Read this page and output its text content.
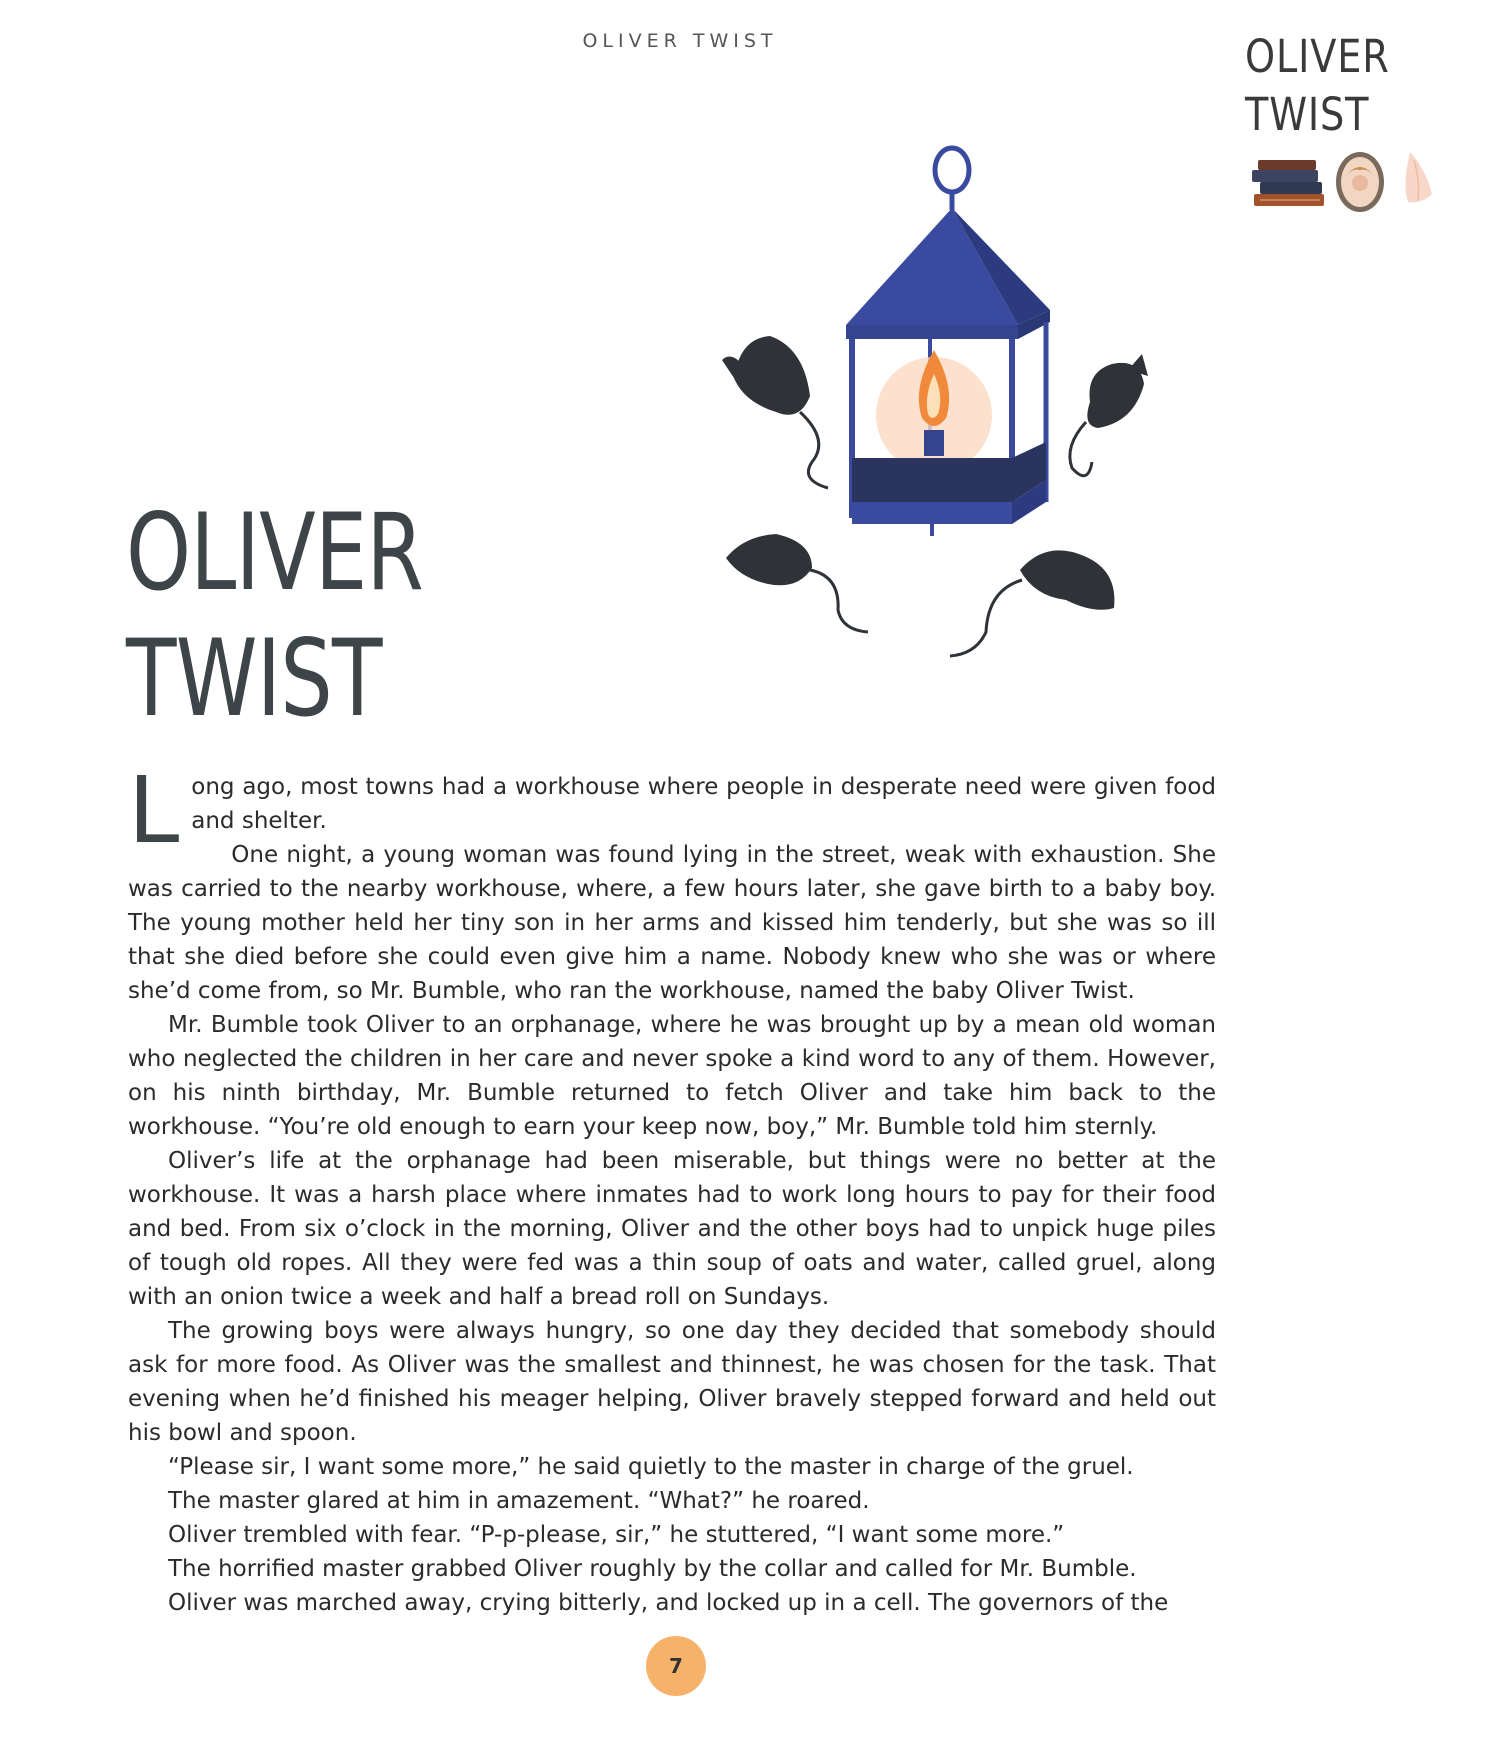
OLIVER TWIST	OLIVER
TWIST
OLIVER
TWIST

Long ago, most towns had a workhouse where people in desperate need were given food and shelter.

One night, a young woman was found lying in the street, weak with exhaustion. She was carried to the nearby workhouse, where, a few hours later, she gave birth to a baby boy. The young mother held her tiny son in her arms and kissed him tenderly, but she was so ill that she died before she could even give him a name. Nobody knew who she was or where she’d come from, so Mr. Bumble, who ran the workhouse, named the baby Oliver Twist.

Mr. Bumble took Oliver to an orphanage, where he was brought up by a mean old woman who neglected the children in her care and never spoke a kind word to any of them. However, on his ninth birthday, Mr. Bumble returned to fetch Oliver and take him back to the workhouse. “You’re old enough to earn your keep now, boy,” Mr. Bumble told him sternly.

Oliver’s life at the orphanage had been miserable, but things were no better at the workhouse. It was a harsh place where inmates had to work long hours to pay for their food and bed. From six o’clock in the morning, Oliver and the other boys had to unpick huge piles of tough old ropes. All they were fed was a thin soup of oats and water, called gruel, along with an onion twice a week and half a bread roll on Sundays.

The growing boys were always hungry, so one day they decided that somebody should ask for more food. As Oliver was the smallest and thinnest, he was chosen for the task. That evening when he’d finished his meager helping, Oliver bravely stepped forward and held out his bowl and spoon.

“Please sir, I want some more,” he said quietly to the master in charge of the gruel.

The master glared at him in amazement. “What?” he roared.

Oliver trembled with fear. “P-p-please, sir,” he stuttered, “I want some more.”

The horrified master grabbed Oliver roughly by the collar and called for Mr. Bumble.

Oliver was marched away, crying bitterly, and locked up in a cell. The governors of the

7
